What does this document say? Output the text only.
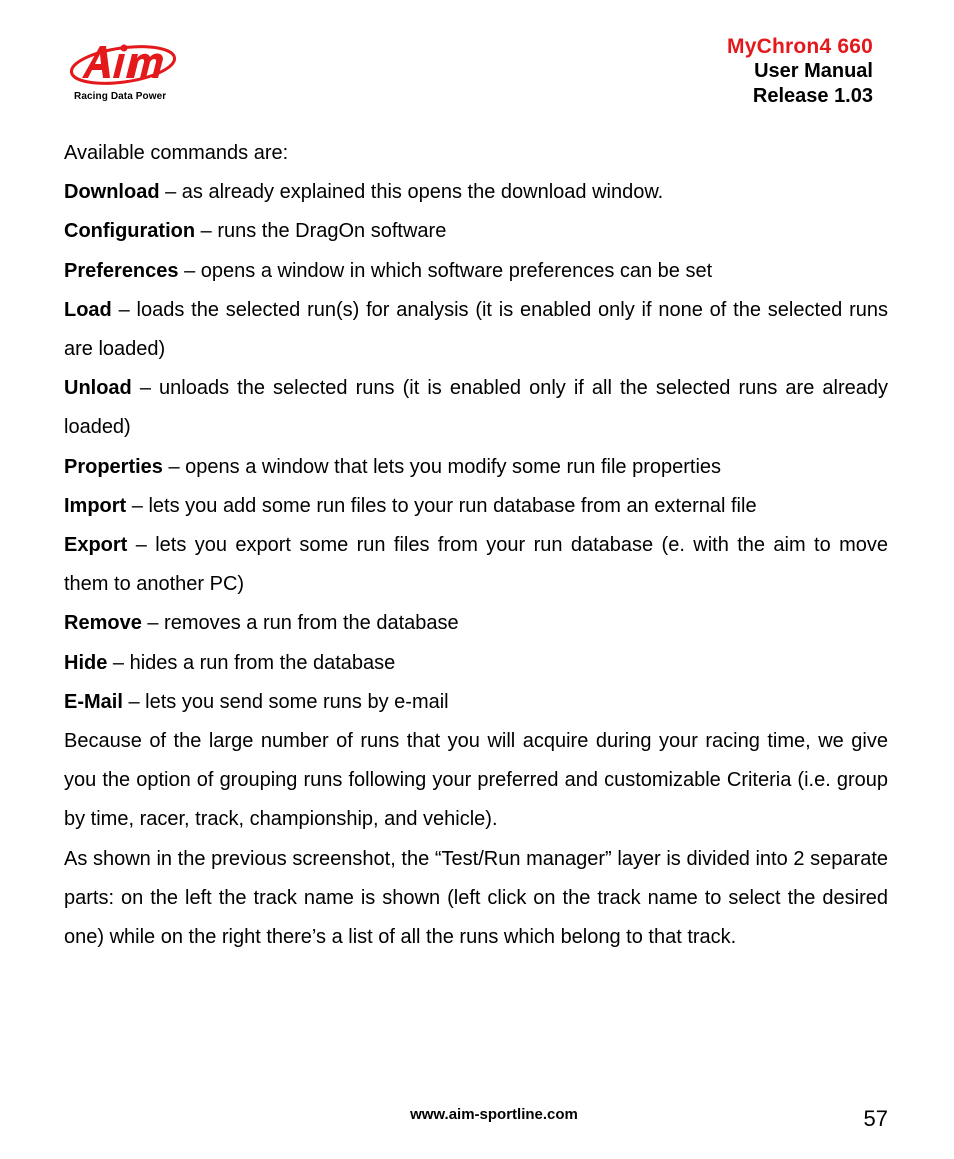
Racing Data Power
MyChron4 660
User Manual
Release 1.03

Available commands are:

Download – as already explained this opens the download window.

Configuration – runs the DragOn software

Preferences – opens a window in which software preferences can be set

Load – loads the selected run(s) for analysis (it is enabled only if none of the selected runs are loaded)

Unload – unloads the selected runs (it is enabled only if all the selected runs are already loaded)

Properties – opens a window that lets you modify some run file properties

Import – lets you add some run files to your run database from an external file

Export – lets you export some run files from your run database (e. with the aim to move them to another PC)

Remove – removes a run from the database

Hide – hides a run from the database

E-Mail – lets you send some runs by e-mail

Because of the large number of runs that you will acquire during your racing time, we give you the option of grouping runs following your preferred and customizable Criteria (i.e. group by time, racer, track, championship, and vehicle).

As shown in the previous screenshot, the “Test/Run manager” layer is divided into 2 separate parts: on the left the track name is shown (left click on the track name to select the desired one) while on the right there’s a list of all the runs which belong to that track.

www.aim-sportline.com	57
